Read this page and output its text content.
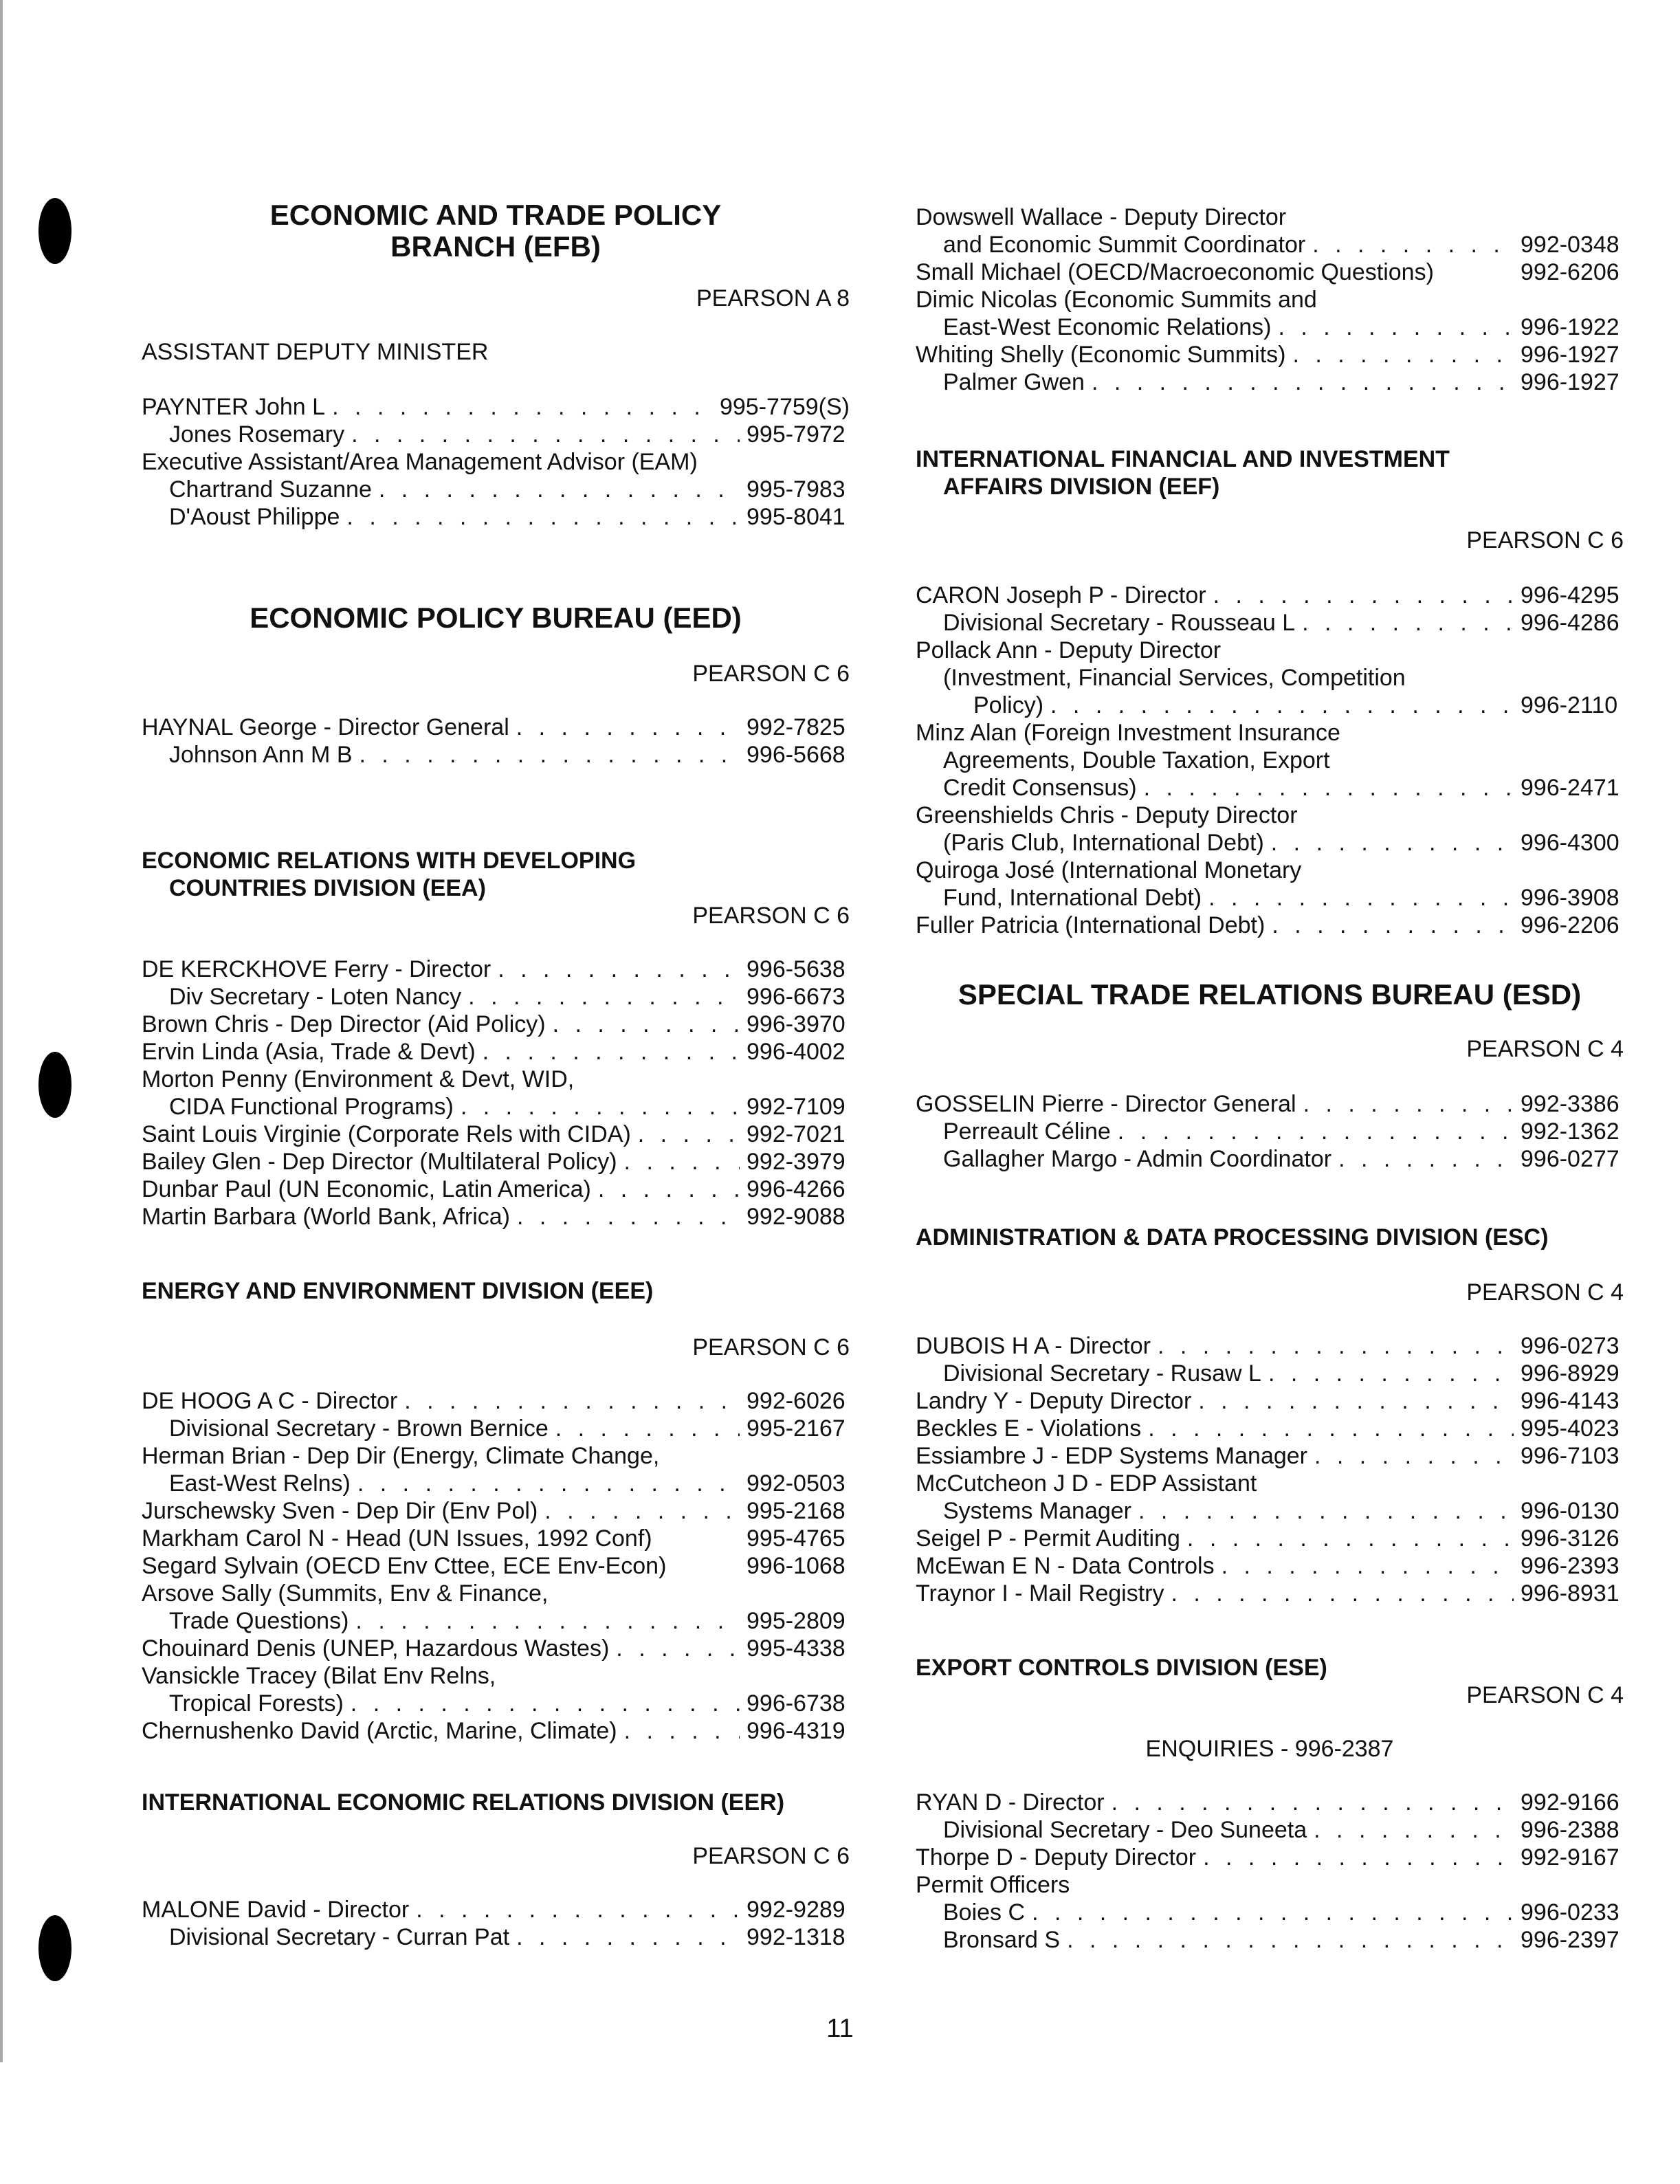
ECONOMIC AND TRADE POLICY
BRANCH (EFB)
PEARSON A 8
ASSISTANT DEPUTY MINISTER
PAYNTER John L . . .	995-7759(S)
Jones Rosemary . . .	995-7972
Executive Assistant/Area Management Advisor (EAM)
Chartrand Suzanne . . .	995-7983
D'Aoust Philippe . . .	995-8041
ECONOMIC POLICY BUREAU (EED)
PEARSON C 6
HAYNAL George - Director General . . .	992-7825
Johnson Ann M B . . .	996-5668
ECONOMIC RELATIONS WITH DEVELOPING
COUNTRIES DIVISION (EEA)
PEARSON C 6
DE KERCKHOVE Ferry - Director . . .	996-5638
Div Secretary - Loten Nancy . . .	996-6673
Brown Chris - Dep Director (Aid Policy) . . .	996-3970
Ervin Linda (Asia, Trade & Devt) . . .	996-4002
Morton Penny (Environment & Devt, WID,
CIDA Functional Programs) . . .	992-7109
Saint Louis Virginie (Corporate Rels with CIDA) . . .	992-7021
Bailey Glen - Dep Director (Multilateral Policy) . . .	992-3979
Dunbar Paul (UN Economic, Latin America) . . .	996-4266
Martin Barbara (World Bank, Africa) . . .	992-9088
ENERGY AND ENVIRONMENT DIVISION (EEE)
PEARSON C 6
DE HOOG A C - Director . . .	992-6026
Divisional Secretary - Brown Bernice . . .	995-2167
Herman Brian - Dep Dir (Energy, Climate Change,
East-West Relns) . . .	992-0503
Jurschewsky Sven - Dep Dir (Env Pol) . . .	995-2168
Markham Carol N - Head (UN Issues, 1992 Conf)	995-4765
Segard Sylvain (OECD Env Cttee, ECE Env-Econ)	996-1068
Arsove Sally (Summits, Env & Finance,
Trade Questions) . . .	995-2809
Chouinard Denis (UNEP, Hazardous Wastes) . . .	995-4338
Vansickle Tracey (Bilat Env Relns,
Tropical Forests) . . .	996-6738
Chernushenko David (Arctic, Marine, Climate) . . .	996-4319
INTERNATIONAL ECONOMIC RELATIONS DIVISION (EER)
PEARSON C 6
MALONE David - Director . . .	992-9289
Divisional Secretary - Curran Pat . . .	992-1318
Dowswell Wallace - Deputy Director
and Economic Summit Coordinator . . .	992-0348
Small Michael (OECD/Macroeconomic Questions)	992-6206
Dimic Nicolas (Economic Summits and
East-West Economic Relations) . . .	996-1922
Whiting Shelly (Economic Summits) . . .	996-1927
Palmer Gwen . . .	996-1927
INTERNATIONAL FINANCIAL AND INVESTMENT
AFFAIRS DIVISION (EEF)
PEARSON C 6
CARON Joseph P - Director . . .	996-4295
Divisional Secretary - Rousseau L . . .	996-4286
Pollack Ann - Deputy Director
(Investment, Financial Services, Competition
Policy) . . .	996-2110
Minz Alan (Foreign Investment Insurance
Agreements, Double Taxation, Export
Credit Consensus) . . .	996-2471
Greenshields Chris - Deputy Director
(Paris Club, International Debt) . . .	996-4300
Quiroga José (International Monetary
Fund, International Debt) . . .	996-3908
Fuller Patricia (International Debt) . . .	996-2206
SPECIAL TRADE RELATIONS BUREAU (ESD)
PEARSON C 4
GOSSELIN Pierre - Director General . . .	992-3386
Perreault Céline . . .	992-1362
Gallagher Margo - Admin Coordinator . . .	996-0277
ADMINISTRATION & DATA PROCESSING DIVISION (ESC)
PEARSON C 4
DUBOIS H A - Director . . .	996-0273
Divisional Secretary - Rusaw L . . .	996-8929
Landry Y - Deputy Director . . .	996-4143
Beckles E - Violations . . .	995-4023
Essiambre J - EDP Systems Manager . . .	996-7103
McCutcheon J D - EDP Assistant
Systems Manager . . .	996-0130
Seigel P - Permit Auditing . . .	996-3126
McEwan E N - Data Controls . . .	996-2393
Traynor I - Mail Registry . . .	996-8931
EXPORT CONTROLS DIVISION (ESE)
PEARSON C 4
ENQUIRIES - 996-2387
RYAN D - Director . . .	992-9166
Divisional Secretary - Deo Suneeta . . .	996-2388
Thorpe D - Deputy Director . . .	992-9167
Permit Officers
Boies C . . .	996-0233
Bronsard S . . .	996-2397
11
